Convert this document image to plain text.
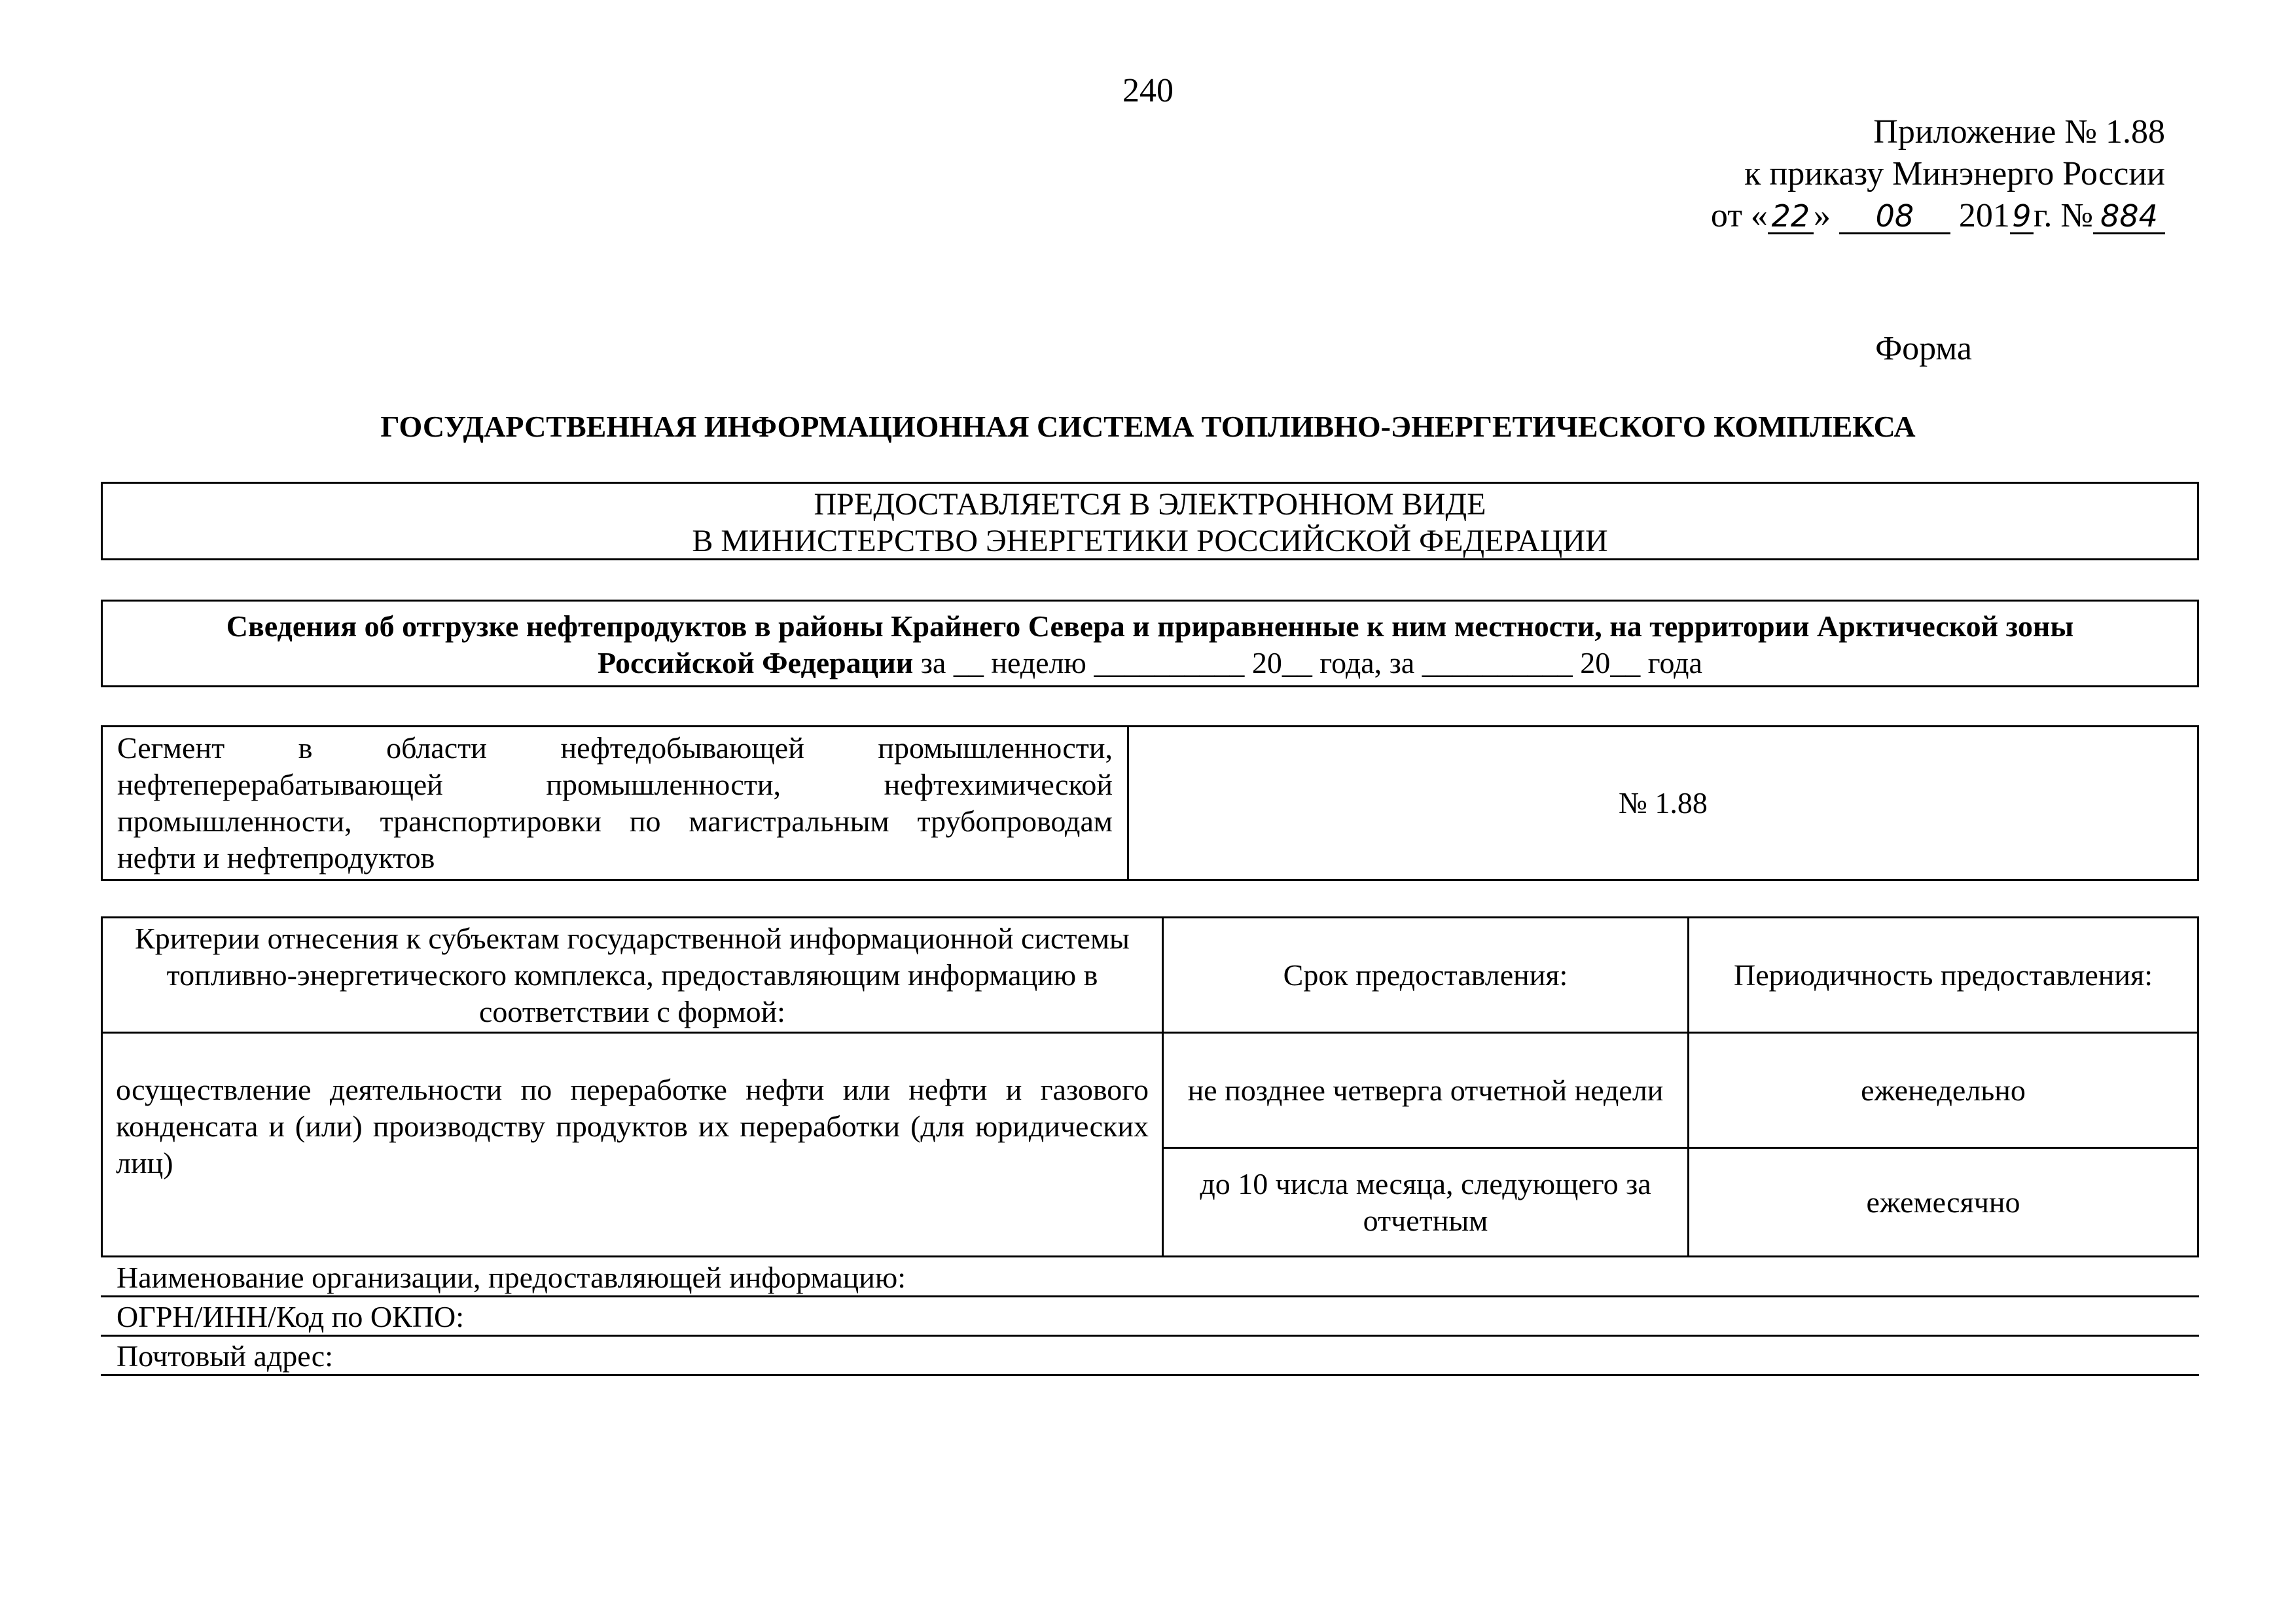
240
Приложение № 1.88
к приказу Минэнерго России
от « 22 » 08 2019г. № 884
Форма
ГОСУДАРСТВЕННАЯ ИНФОРМАЦИОННАЯ СИСТЕМА ТОПЛИВНО-ЭНЕРГЕТИЧЕСКОГО КОМПЛЕКСА
ПРЕДОСТАВЛЯЕТСЯ В ЭЛЕКТРОННОМ ВИДЕ
В МИНИСТЕРСТВО ЭНЕРГЕТИКИ РОССИЙСКОЙ ФЕДЕРАЦИИ
Сведения об отгрузке нефтепродуктов в районы Крайнего Севера и приравненные к ним местности, на территории Арктической зоны
Российской Федерации за __ неделю __________ 20__ года, за __________ 20__ года
Сегмент в области нефтедобывающей промышленности, нефтеперерабатывающей промышленности, нефтехимической промышленности, транспортировки по магистральным трубопроводам нефти и нефтепродуктов	№ 1.88
Критерии отнесения к субъектам государственной информационной системы топливно-энергетического комплекса, предоставляющим информацию в соответствии с формой:	Срок предоставления:	Периодичность предоставления:
осуществление деятельности по переработке нефти или нефти и газового конденсата и (или) производству продуктов их переработки (для юридических лиц)	не позднее четверга отчетной недели	еженедельно
	до 10 числа месяца, следующего за отчетным	ежемесячно
Наименование организации, предоставляющей информацию:
ОГРН/ИНН/Код по ОКПО:
Почтовый адрес:
